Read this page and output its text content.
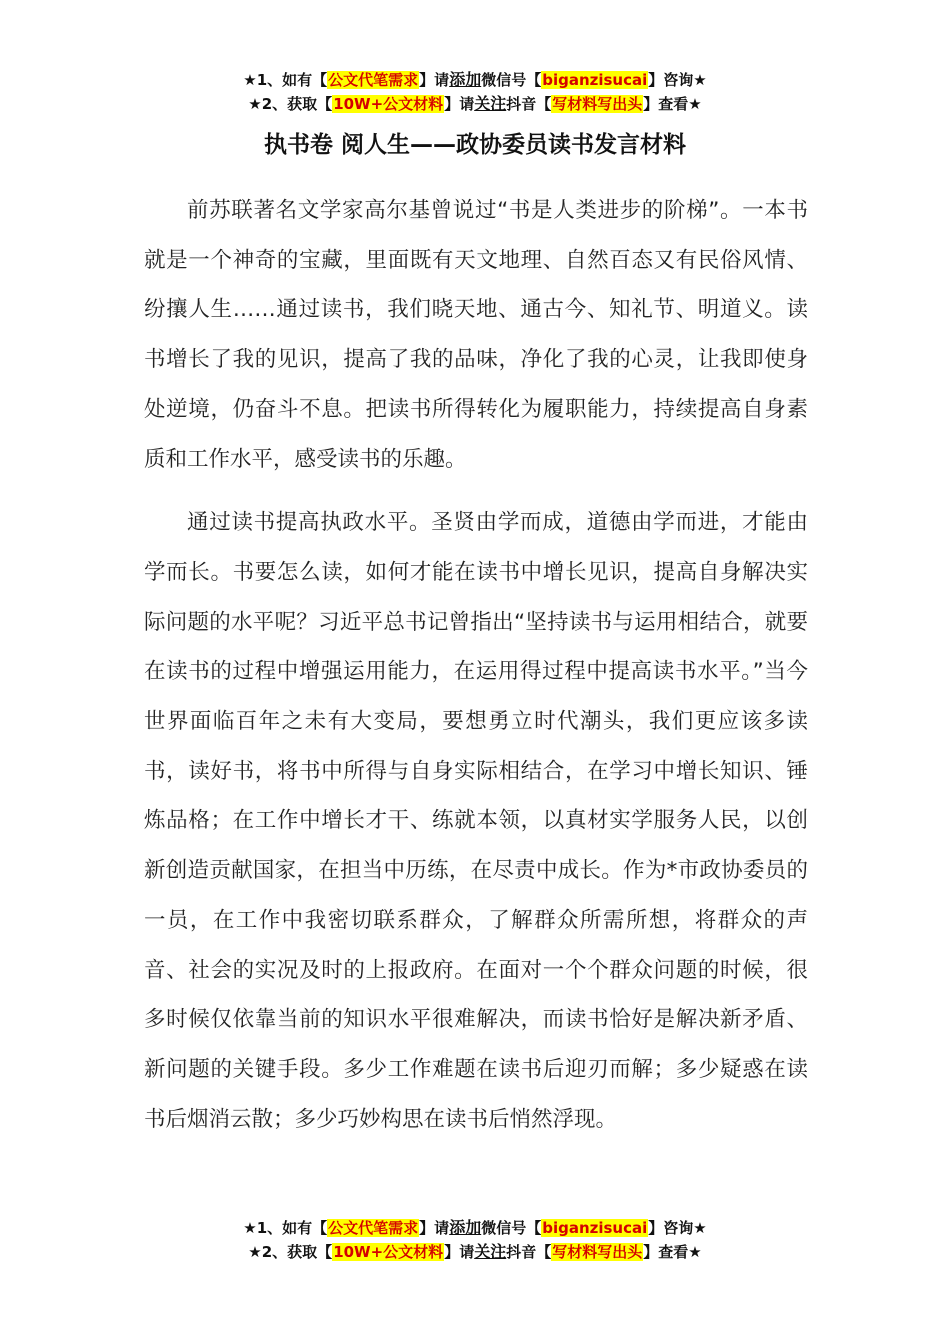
★1、如有【公文代笔需求】请添加微信号【biganzisucai】咨询★
★2、获取【10W+公文材料】请关注抖音【写材料写出头】查看★
执书卷 阅人生——政协委员读书发言材料

前苏联著名文学家高尔基曾说过“书是人类进步的阶梯”。一本书就是一个神奇的宝藏，里面既有天文地理、自然百态又有民俗风情、纷攘人生……通过读书，我们晓天地、通古今、知礼节、明道义。读书增长了我的见识，提高了我的品味，净化了我的心灵，让我即使身处逆境，仍奋斗不息。把读书所得转化为履职能力，持续提高自身素质和工作水平，感受读书的乐趣。

通过读书提高执政水平。圣贤由学而成，道德由学而进，才能由学而长。书要怎么读，如何才能在读书中增长见识，提高自身解决实际问题的水平呢？习近平总书记曾指出“坚持读书与运用相结合，就要在读书的过程中增强运用能力，在运用得过程中提高读书水平。”当今世界面临百年之未有大变局，要想勇立时代潮头，我们更应该多读书，读好书，将书中所得与自身实际相结合，在学习中增长知识、锤炼品格；在工作中增长才干、练就本领，以真材实学服务人民，以创新创造贡献国家，在担当中历练，在尽责中成长。作为*市政协委员的一员，在工作中我密切联系群众，了解群众所需所想，将群众的声音、社会的实况及时的上报政府。在面对一个个群众问题的时候，很多时候仅依靠当前的知识水平很难解决，而读书恰好是解决新矛盾、新问题的关键手段。多少工作难题在读书后迎刃而解；多少疑惑在读书后烟消云散；多少巧妙构思在读书后悄然浮现。

★1、如有【公文代笔需求】请添加微信号【biganzisucai】咨询★
★2、获取【10W+公文材料】请关注抖音【写材料写出头】查看★
